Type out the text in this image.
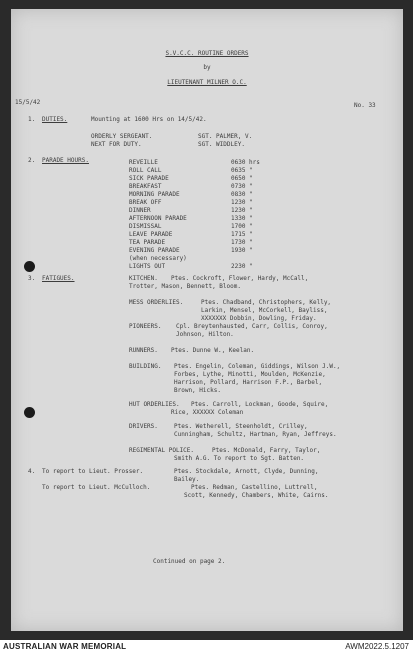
S.V.C.C. ROUTINE ORDERS
by
LIEUTENANT MILNER O.C.
15/5/42	No. 33
1. DUTIES.	Mounting at 1600 Hrs on 14/5/42.
ORDERLY SERGEANT.	SGT. PALMER, V.
NEXT FOR DUTY.	SGT. WIDDLEY.
2. PARADE HOURS.	REVEILLE	0630 hrs
ROLL CALL	0635 "
SICK PARADE	0650 "
BREAKFAST	0730 "
MORNING PARADE	0830 "
BREAK OFF	1230 "
DINNER	1230 "
AFTERNOON PARADE	1330 "
DISMISSAL	1700 "
LEAVE PARADE	1715 "
TEA PARADE	1730 "
EVENING PARADE	1930 "
(when necessary)
LIGHTS OUT	2230 "
3. FATIGUES.	KITCHEN. Ptes. Cockroft, Flower, Hardy, McCall,
Trotter, Mason, Bennett, Bloom.
MESS ORDERLIES.	Ptes. Chadband, Christophers, Kelly,
Larkin, Mensel, McCorkell, Bayliss,
XXXXXXX Dobbin, Dowling, Friday.
PIONEERS. Cpl. Breytenhausted, Carr, Collis, Conroy,
Johnson, Hilton.
RUNNERS. Ptes. Dunne W., Keelan.
BUILDING. Ptes. Engelin, Coleman, Giddings, Wilson J.W.,
Forbes, Lythe, Minotti, Moulden, McKenzie,
Harrison, Pollard, Harrison F.P., Barbel,
Brown, Hicks.
HUT ORDERLIES. Ptes. Carroll, Lockman, Goode, Squire,
Rice, XXXXXX Coleman
DRIVERS.	Ptes. Wetherell, Steenholdt, Crilley,
Cunningham, Schultz, Hartman, Ryan, Jeffreys.
REGIMENTAL POLICE.	Ptes. McDonald, Farry, Taylor,
Smith A.G. To report to Sgt. Batten.
4. To report to Lieut. Prosser.	Ptes. Stockdale, Arnott, Clyde, Dunning,
Bailey.
To report to Lieut. McCulloch.	Ptes. Redman, Castellino, Luttrell,
Scott, Kennedy, Chambers, White, Cairns.
Continued on page 2.
AUSTRALIAN WAR MEMORIAL	AWM2022.5.1207
